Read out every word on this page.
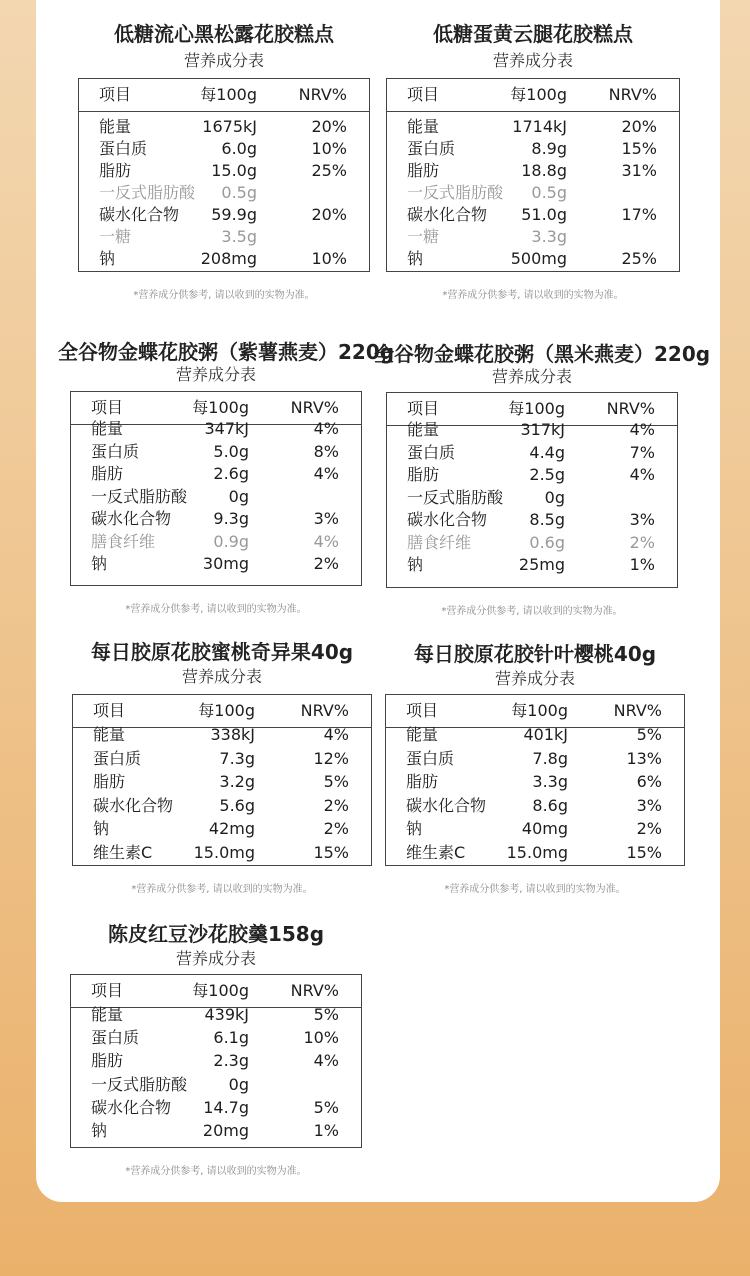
低糖流心黑松露花胶糕点
营养成分表
项目	每100g	NRV%
能量	1675kJ	20%
蛋白质	6.0g	10%
脂肪	15.0g	25%
一反式脂肪酸 0.5g
碳水化合物 59.9g	20%
一糖	3.5g
钠	208mg	10%
*营养成分供参考, 请以收到的实物为准。
低糖蛋黄云腿花胶糕点
营养成分表
项目	每100g	NRV%
能量	1714kJ	20%
蛋白质	8.9g	15%
脂肪	18.8g	31%
一反式脂肪酸 0.5g
碳水化合物 51.0g	17%
一糖	3.3g
钠	500mg	25%
*营养成分供参考, 请以收到的实物为准。
全谷物金蝶花胶粥（紫薯燕麦）220g
营养成分表
项目	每100g	NRV%
能量	347kJ	4%
蛋白质	5.0g	8%
脂肪	2.6g	4%
一反式脂肪酸	0g
碳水化合物	9.3g	3%
膳食纤维	0.9g	4%
钠	30mg	2%
*营养成分供参考, 请以收到的实物为准。
全谷物金蝶花胶粥（黑米燕麦）220g
营养成分表
项目	每100g	NRV%
能量	317kJ	4%
蛋白质	4.4g	7%
脂肪	2.5g	4%
一反式脂肪酸	0g
碳水化合物	8.5g	3%
膳食纤维	0.6g	2%
钠	25mg	1%
*营养成分供参考, 请以收到的实物为准。
每日胶原花胶蜜桃奇异果40g
营养成分表
项目	每100g	NRV%
能量	338kJ	4%
蛋白质	7.3g	12%
脂肪	3.2g	5%
碳水化合物	5.6g	2%
钠	42mg	2%
维生素C	15.0mg	15%
*营养成分供参考, 请以收到的实物为准。
每日胶原花胶针叶樱桃40g
营养成分表
项目	每100g	NRV%
能量	401kJ	5%
蛋白质	7.8g	13%
脂肪	3.3g	6%
碳水化合物	8.6g	3%
钠	40mg	2%
维生素C	15.0mg	15%
*营养成分供参考, 请以收到的实物为准。
陈皮红豆沙花胶羹158g
营养成分表
项目	每100g	NRV%
能量	439kJ	5%
蛋白质	6.1g	10%
脂肪	2.3g	4%
一反式脂肪酸	0g
碳水化合物 14.7g	5%
钠	20mg	1%
*营养成分供参考, 请以收到的实物为准。
